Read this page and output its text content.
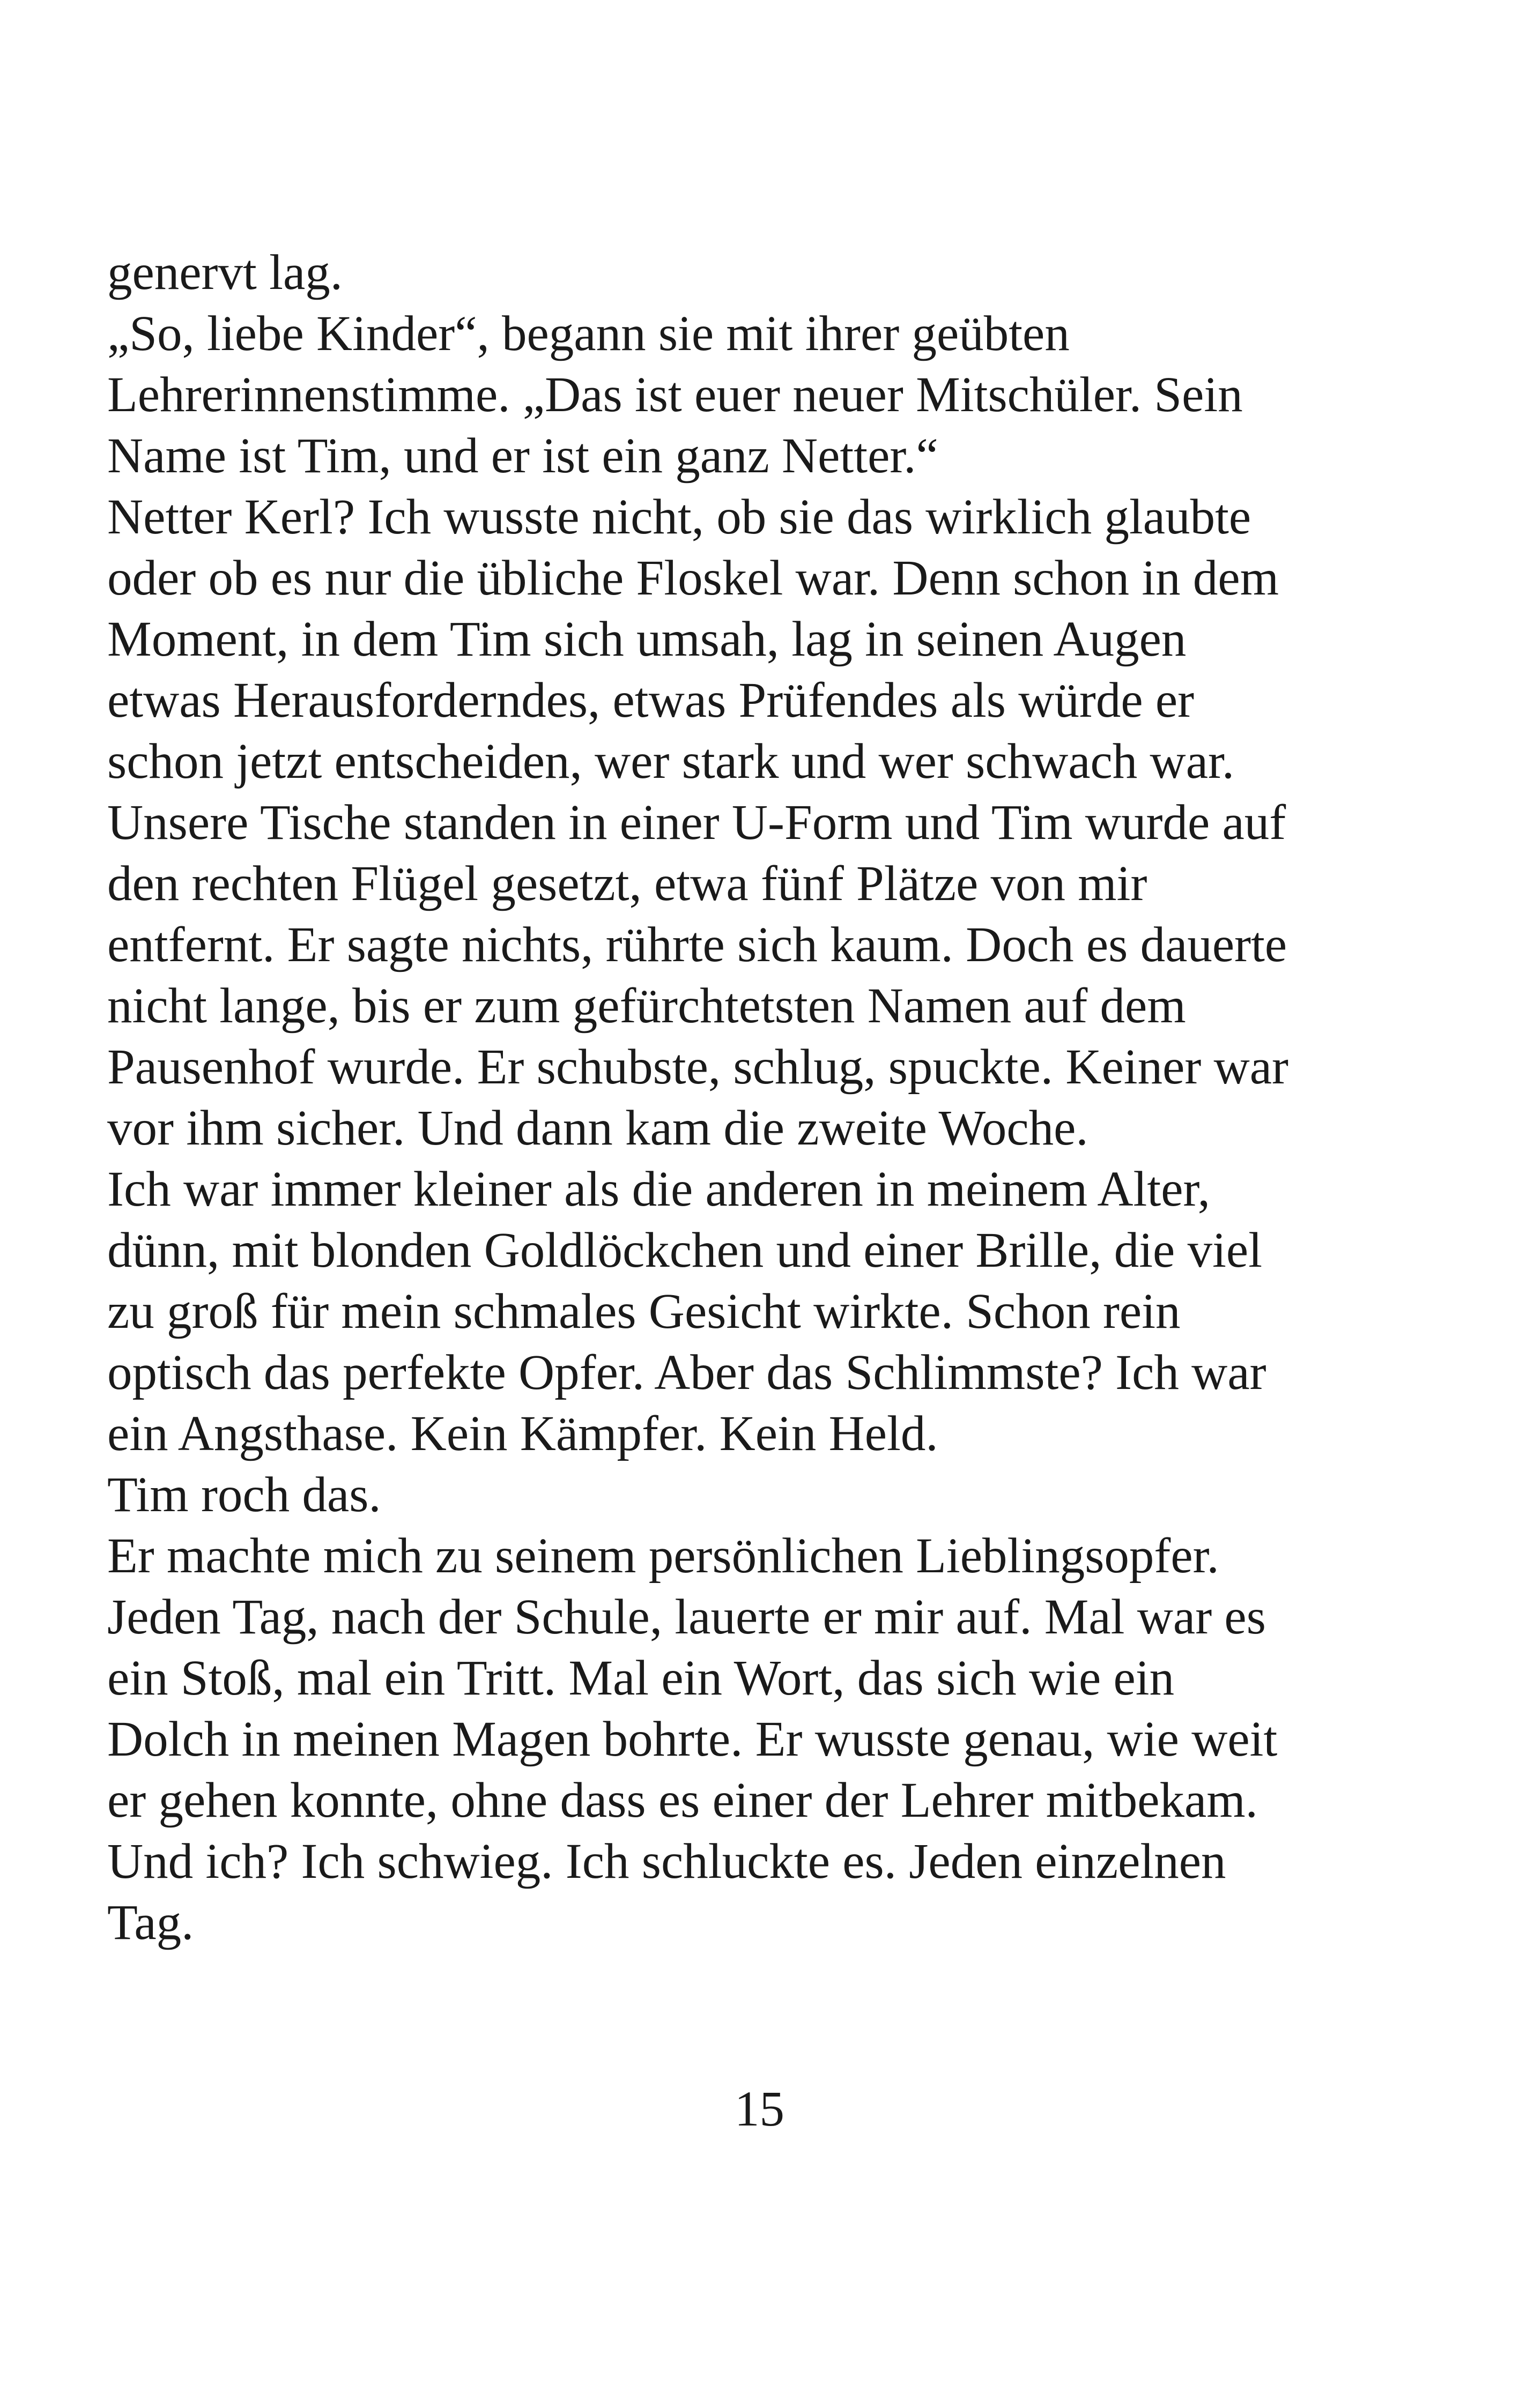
genervt lag.
„So, liebe Kinder“, begann sie mit ihrer geübten
Lehrerinnenstimme. „Das ist euer neuer Mitschüler. Sein
Name ist Tim, und er ist ein ganz Netter.“
Netter Kerl? Ich wusste nicht, ob sie das wirklich glaubte
oder ob es nur die übliche Floskel war. Denn schon in dem
Moment, in dem Tim sich umsah, lag in seinen Augen
etwas Herausforderndes, etwas Prüfendes als würde er
schon jetzt entscheiden, wer stark und wer schwach war.
Unsere Tische standen in einer U-Form und Tim wurde auf
den rechten Flügel gesetzt, etwa fünf Plätze von mir
entfernt. Er sagte nichts, rührte sich kaum. Doch es dauerte
nicht lange, bis er zum gefürchtetsten Namen auf dem
Pausenhof wurde. Er schubste, schlug, spuckte. Keiner war
vor ihm sicher. Und dann kam die zweite Woche.
Ich war immer kleiner als die anderen in meinem Alter,
dünn, mit blonden Goldlöckchen und einer Brille, die viel
zu groß für mein schmales Gesicht wirkte. Schon rein
optisch das perfekte Opfer. Aber das Schlimmste? Ich war
ein Angsthase. Kein Kämpfer. Kein Held.
Tim roch das.
Er machte mich zu seinem persönlichen Lieblingsopfer.
Jeden Tag, nach der Schule, lauerte er mir auf. Mal war es
ein Stoß, mal ein Tritt. Mal ein Wort, das sich wie ein
Dolch in meinen Magen bohrte. Er wusste genau, wie weit
er gehen konnte, ohne dass es einer der Lehrer mitbekam.
Und ich? Ich schwieg. Ich schluckte es. Jeden einzelnen
Tag.
15
